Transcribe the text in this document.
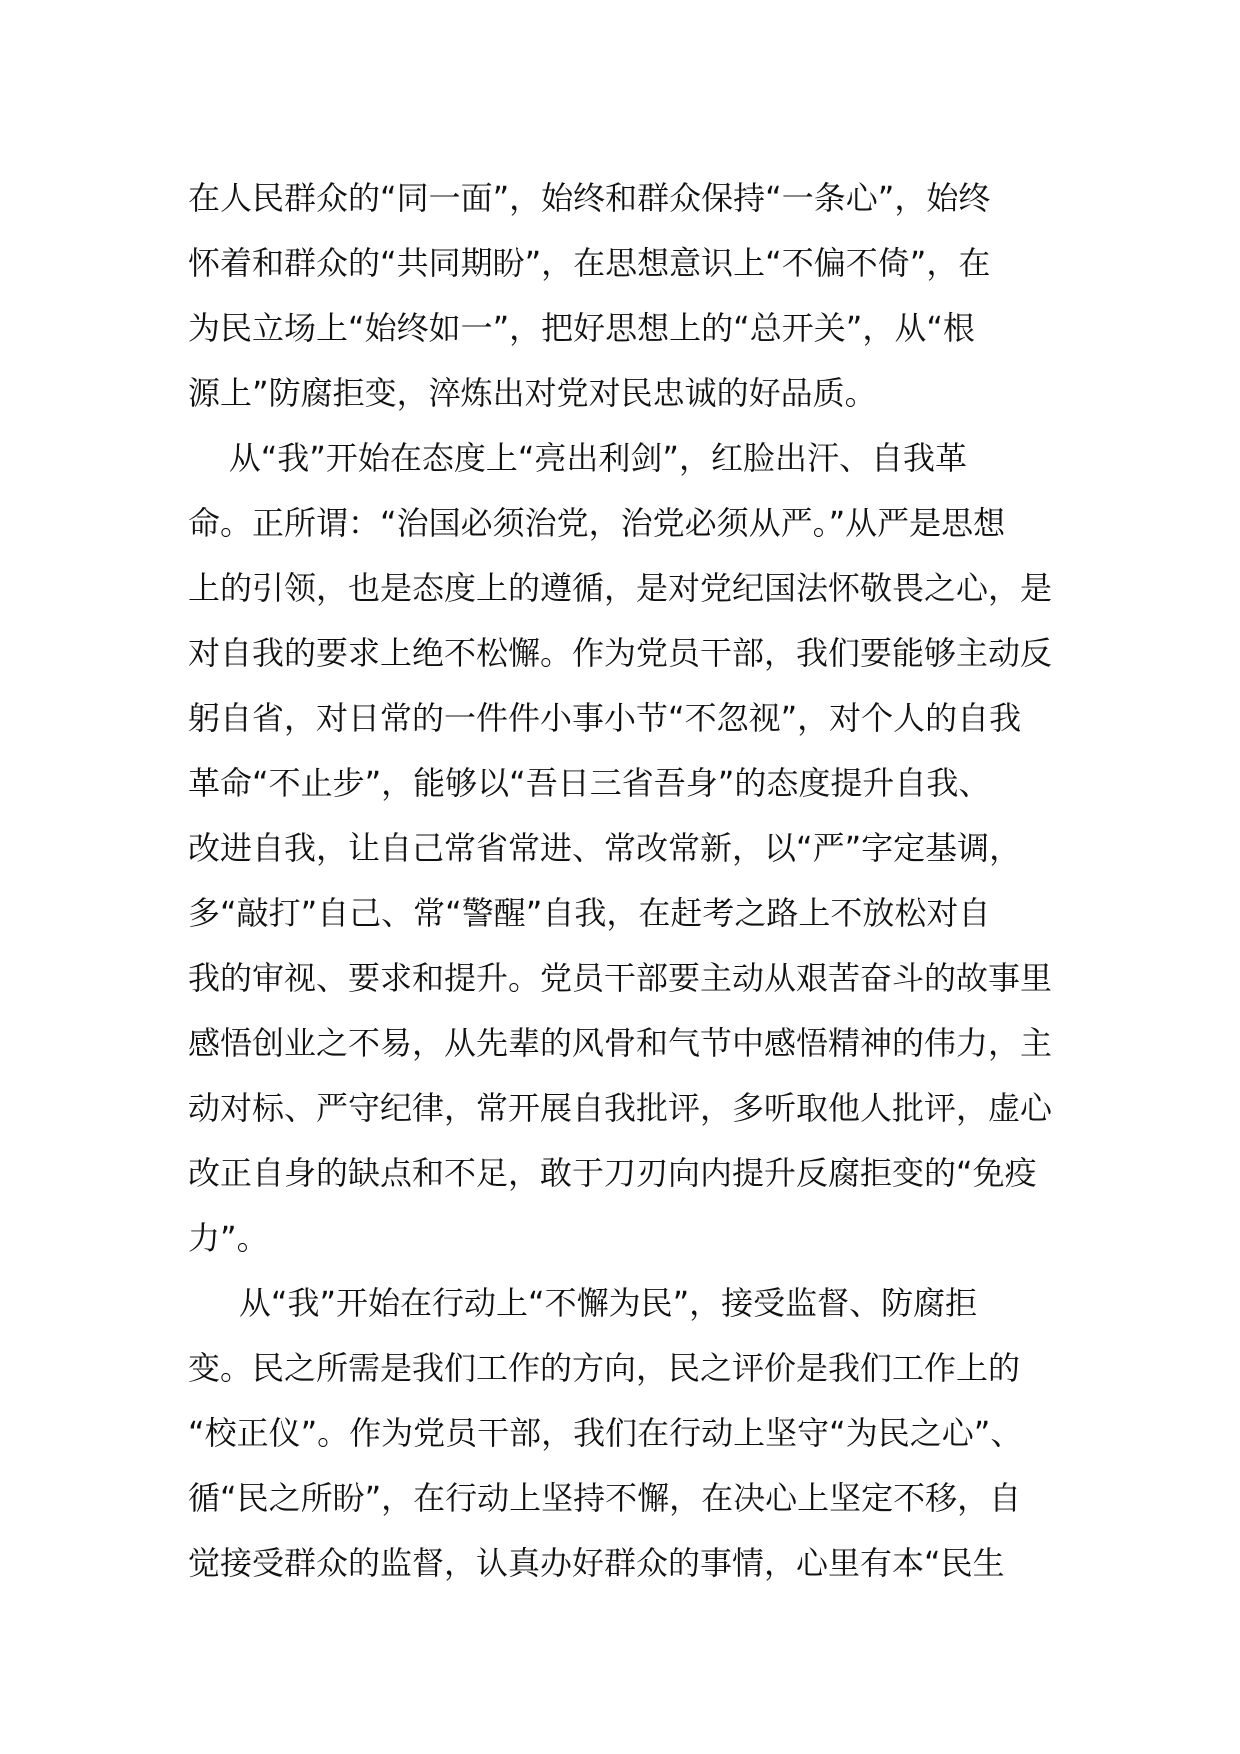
在人民群众的“同一面”，始终和群众保持“一条心”，始终
怀着和群众的“共同期盼”，在思想意识上“不偏不倚”，在
为民立场上“始终如一”，把好思想上的“总开关”，从“根
源上”防腐拒变，淬炼出对党对民忠诚的好品质。
从“我”开始在态度上“亮出利剑”，红脸出汗、自我革
命。正所谓：“治国必须治党，治党必须从严。”从严是思想
上的引领，也是态度上的遵循，是对党纪国法怀敬畏之心，是
对自我的要求上绝不松懈。作为党员干部，我们要能够主动反
躬自省，对日常的一件件小事小节“不忽视”，对个人的自我
革命“不止步”，能够以“吾日三省吾身”的态度提升自我、
改进自我，让自己常省常进、常改常新，以“严”字定基调，
多“敲打”自己、常“警醒”自我，在赶考之路上不放松对自
我的审视、要求和提升。党员干部要主动从艰苦奋斗的故事里
感悟创业之不易，从先辈的风骨和气节中感悟精神的伟力，主
动对标、严守纪律，常开展自我批评，多听取他人批评，虚心
改正自身的缺点和不足，敢于刀刃向内提升反腐拒变的“免疫
力”。
从“我”开始在行动上“不懈为民”，接受监督、防腐拒
变。民之所需是我们工作的方向，民之评价是我们工作上的
“校正仪”。作为党员干部，我们在行动上坚守“为民之心”、
循“民之所盼”，在行动上坚持不懈，在决心上坚定不移，自
觉接受群众的监督，认真办好群众的事情，心里有本“民生
